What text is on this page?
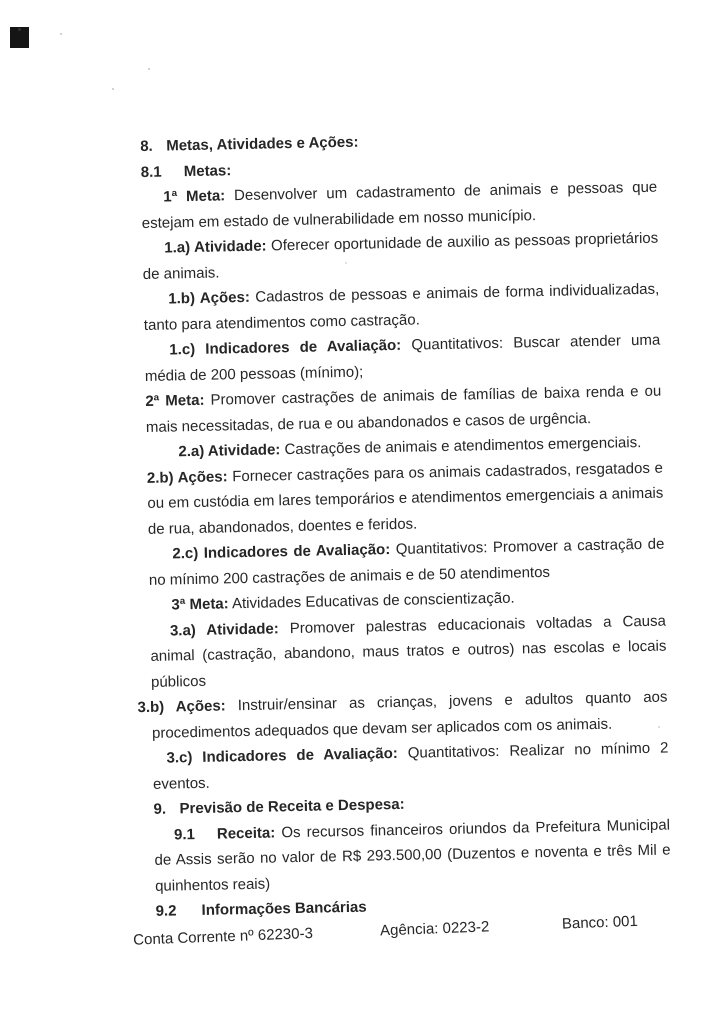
8. Metas, Atividades e Ações:

8.1 Metas:

1ª Meta: Desenvolver um cadastramento de animais e pessoas que estejam em estado de vulnerabilidade em nosso município.

1.a) Atividade: Oferecer oportunidade de auxilio as pessoas proprietários de animais.

1.b) Ações: Cadastros de pessoas e animais de forma individualizadas, tanto para atendimentos como castração.

1.c) Indicadores de Avaliação: Quantitativos: Buscar atender uma média de 200 pessoas (mínimo);

2ª Meta: Promover castrações de animais de famílias de baixa renda e ou mais necessitadas, de rua e ou abandonados e casos de urgência.

2.a) Atividade: Castrações de animais e atendimentos emergenciais.

2.b) Ações: Fornecer castrações para os animais cadastrados, resgatados e ou em custódia em lares temporários e atendimentos emergenciais a animais de rua, abandonados, doentes e feridos.

2.c) Indicadores de Avaliação: Quantitativos: Promover a castração de no mínimo 200 castrações de animais e de 50 atendimentos

3ª Meta: Atividades Educativas de conscientização.

3.a) Atividade: Promover palestras educacionais voltadas a Causa animal (castração, abandono, maus tratos e outros) nas escolas e locais públicos

3.b) Ações: Instruir/ensinar as crianças, jovens e adultos quanto aos procedimentos adequados que devam ser aplicados com os animais.

3.c) Indicadores de Avaliação: Quantitativos: Realizar no mínimo 2 eventos.

9. Previsão de Receita e Despesa:

9.1 Receita: Os recursos financeiros oriundos da Prefeitura Municipal de Assis serão no valor de R$ 293.500,00 (Duzentos e noventa e três Mil e quinhentos reais)

9.2 Informações Bancárias

Conta Corrente nº 62230-3	Agência: 0223-2	Banco: 001
